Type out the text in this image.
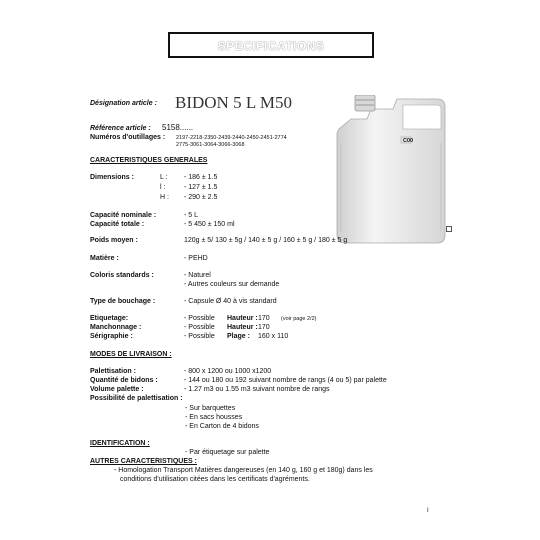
SPECIFICATIONS
Désignation article : BIDON 5 L M50
Référence article : 5158......
Numéros d'outillages : 2197-2218-2350-2439-2440-2450-2451-2774
2775-3061-3064-3066-3068
C00
CARACTERISTIQUES GENERALES
Dimensions :	L : - 186 ± 1.5
l :	- 127 ± 1.5
H : - 290 ± 2.5
Capacité nominale :	- 5 L
Capacité totale :	- 5 450 ± 150 ml
Poids moyen :	120g ± 5/ 130 ± 5g / 140 ± 5 g / 160 ± 5 g / 180 ± 5 g
Matière :	- PEHD
Coloris standards :	- Naturel
- Autres couleurs sur demande
Type de bouchage :	- Capsule Ø 40 à vis standard
Etiquetage:	- Possible Hauteur : 170 (voir page 2/2)
Manchonnage :	- Possible Hauteur : 170
Sérigraphie :	- Possible Plage : 160 x 110
MODES DE LIVRAISON :
Palettisation :	- 800 x 1200 ou 1000 x1200
Quantité de bidons :	- 144 ou 180 ou 192 suivant nombre de rangs (4 ou 5) par palette
Volume palette :	- 1.27 m3 ou 1.55 m3 suivant nombre de rangs
Possibilité de palettisation :
- Sur barquettes
- En sacs housses
- En Carton de 4 bidons
IDENTIFICATION :
- Par étiquetage sur palette
AUTRES CARACTERISTIQUES :
- Homologation Transport Matières dangereuses (en 140 g, 160 g et 180g) dans les
conditions d'utilisation citées dans les certificats d'agréments.
I
